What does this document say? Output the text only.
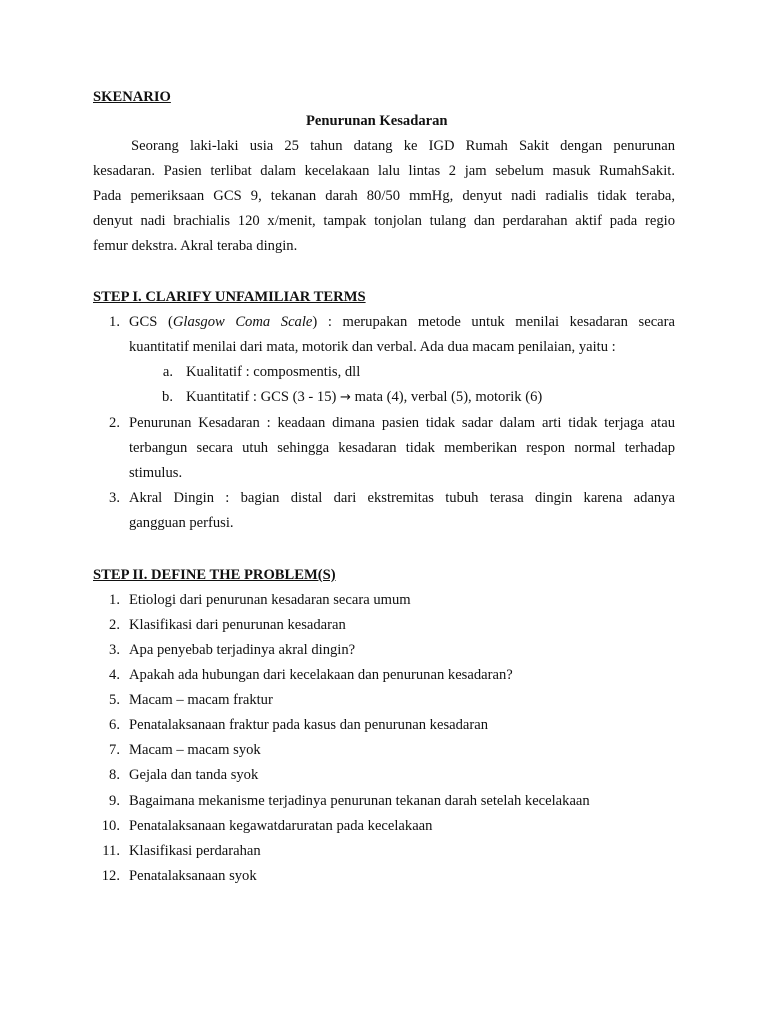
SKENARIO
Penurunan Kesadaran
Seorang laki-laki usia 25 tahun datang ke IGD Rumah Sakit dengan penurunan
kesadaran. Pasien terlibat dalam kecelakaan lalu lintas 2 jam sebelum masuk RumahSakit.
Pada pemeriksaan GCS 9, tekanan darah 80/50 mmHg, denyut nadi radialis tidak teraba,
denyut nadi brachialis 120 x/menit, tampak tonjolan tulang dan perdarahan aktif pada regio
femur dekstra. Akral teraba dingin.
STEP I. CLARIFY UNFAMILIAR TERMS
1. GCS (Glasgow Coma Scale) : merupakan metode untuk menilai kesadaran secara
kuantitatif menilai dari mata, motorik dan verbal. Ada dua macam penilaian, yaitu :
a. Kualitatif : composmentis, dll
b. Kuantitatif : GCS (3 - 15) → mata (4), verbal (5), motorik (6)
2. Penurunan Kesadaran : keadaan dimana pasien tidak sadar dalam arti tidak terjaga atau
terbangun secara utuh sehingga kesadaran tidak memberikan respon normal terhadap
stimulus.
3. Akral Dingin : bagian distal dari ekstremitas tubuh terasa dingin karena adanya
gangguan perfusi.
STEP II. DEFINE THE PROBLEM(S)
1. Etiologi dari penurunan kesadaran secara umum
2. Klasifikasi dari penurunan kesadaran
3. Apa penyebab terjadinya akral dingin?
4. Apakah ada hubungan dari kecelakaan dan penurunan kesadaran?
5. Macam – macam fraktur
6. Penatalaksanaan fraktur pada kasus dan penurunan kesadaran
7. Macam – macam syok
8. Gejala dan tanda syok
9. Bagaimana mekanisme terjadinya penurunan tekanan darah setelah kecelakaan
10. Penatalaksanaan kegawatdaruratan pada kecelakaan
11. Klasifikasi perdarahan
12. Penatalaksanaan syok
